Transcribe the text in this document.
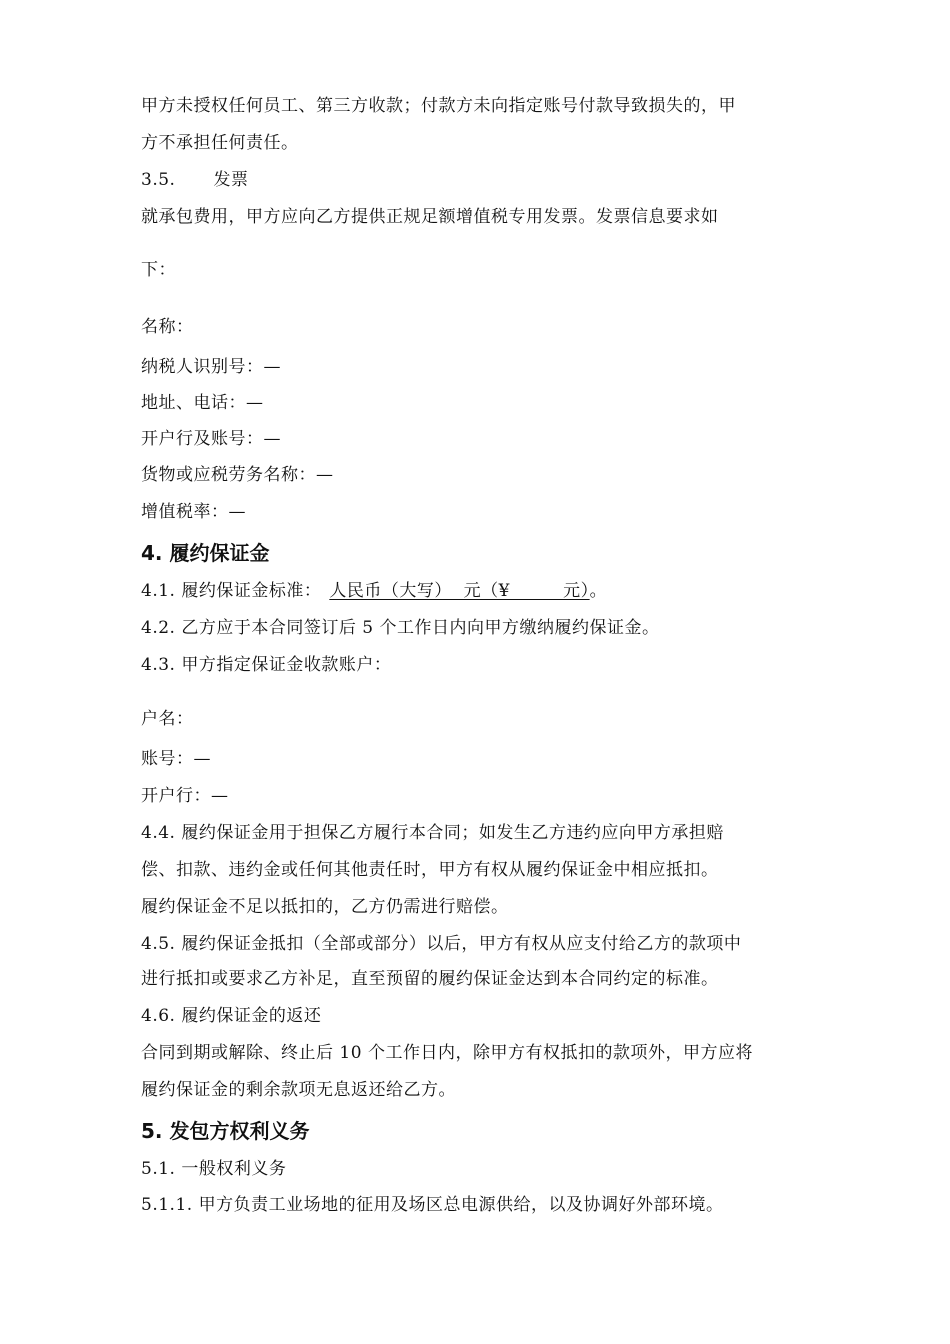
甲方未授权任何员工、第三方收款；付款方未向指定账号付款导致损失的，甲

方不承担任何责任。

3.5. 发票

就承包费用，甲方应向乙方提供正规足额增值税专用发票。发票信息要求如

下：

名称：

纳税人识别号：—

地址、电话：—

开户行及账号：—

货物或应税劳务名称：—

增值税率：—

4. 履约保证金

4.1. 履约保证金标准： 人民币（大写）  元（¥         元）。

4.2. 乙方应于本合同签订后 5 个工作日内向甲方缴纳履约保证金。

4.3. 甲方指定保证金收款账户：

户名：

账号：—

开户行：—

4.4. 履约保证金用于担保乙方履行本合同；如发生乙方违约应向甲方承担赔

偿、扣款、违约金或任何其他责任时，甲方有权从履约保证金中相应抵扣。

履约保证金不足以抵扣的，乙方仍需进行赔偿。

4.5. 履约保证金抵扣（全部或部分）以后，甲方有权从应支付给乙方的款项中

进行抵扣或要求乙方补足，直至预留的履约保证金达到本合同约定的标准。

4.6. 履约保证金的返还

合同到期或解除、终止后 10 个工作日内，除甲方有权抵扣的款项外，甲方应将

履约保证金的剩余款项无息返还给乙方。

5. 发包方权利义务

5.1. 一般权利义务

5.1.1. 甲方负责工业场地的征用及场区总电源供给，以及协调好外部环境。
